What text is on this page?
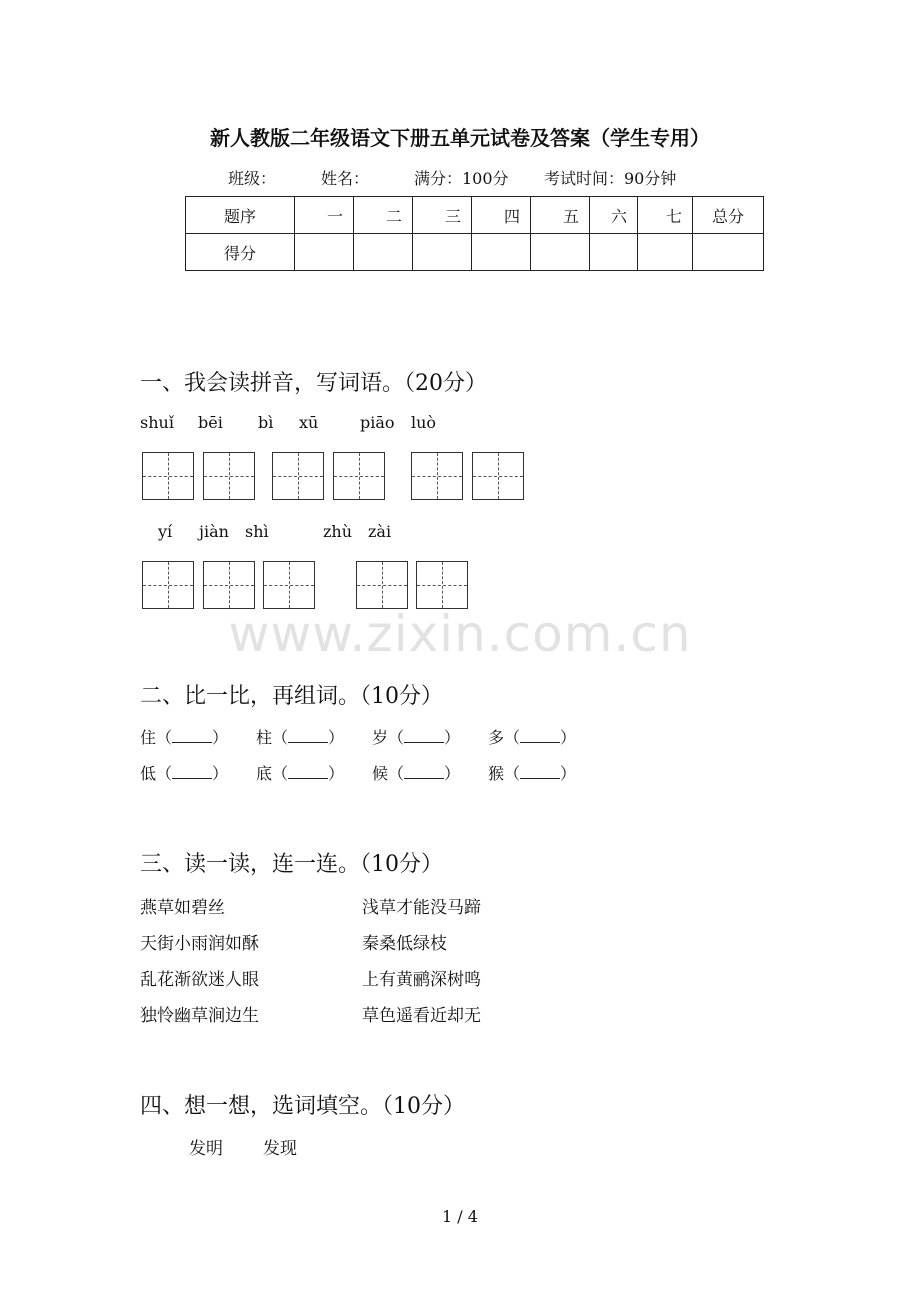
新人教版二年级语文下册五单元试卷及答案（学生专用）
班级：	姓名：	满分：100分 考试时间：90分钟
题序	一	二	三	四	五	六	七	总分
得分								
一、我会读拼音，写词语。（20分）
shuǐ bēi bì xū	piāo luò
yí jiàn shì	zhù zài
www.zixin.com.cn
二、比一比，再组词。（10分）
住（	） 柱（	） 岁（	） 多（	）
低（	） 底（	） 候（	） 猴（	）
三、读一读，连一连。（10分）
燕草如碧丝	浅草才能没马蹄
天街小雨润如酥	秦桑低绿枝
乱花渐欲迷人眼	上有黄鹂深树鸣
独怜幽草涧边生	草色遥看近却无
四、想一想，选词填空。（10分）
发明 发现
1 / 4
